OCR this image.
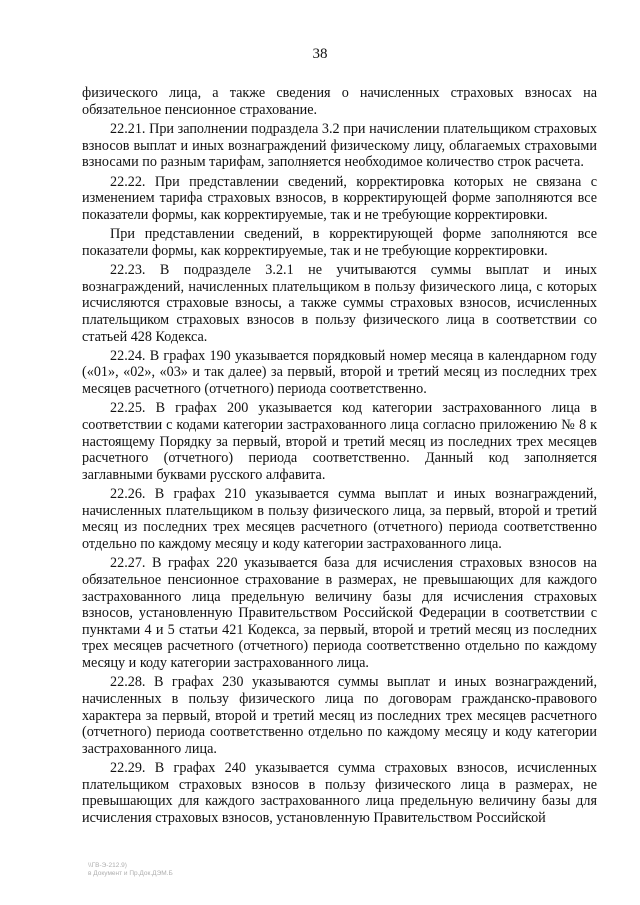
38

физического лица, а также сведения о начисленных страховых взносах на обязательное пенсионное страхование.

22.21. При заполнении подраздела 3.2 при начислении плательщиком страховых взносов выплат и иных вознаграждений физическому лицу, облагаемых страховыми взносами по разным тарифам, заполняется необходимое количество строк расчета.

22.22. При представлении сведений, корректировка которых не связана с изменением тарифа страховых взносов, в корректирующей форме заполняются все показатели формы, как корректируемые, так и не требующие корректировки.

При представлении сведений, в корректирующей форме заполняются все показатели формы, как корректируемые, так и не требующие корректировки.

22.23. В подразделе 3.2.1 не учитываются суммы выплат и иных вознаграждений, начисленных плательщиком в пользу физического лица, с которых исчисляются страховые взносы, а также суммы страховых взносов, исчисленных плательщиком страховых взносов в пользу физического лица в соответствии со статьей 428 Кодекса.

22.24. В графах 190 указывается порядковый номер месяца в календарном году («01», «02», «03» и так далее) за первый, второй и третий месяц из последних трех месяцев расчетного (отчетного) периода соответственно.

22.25. В графах 200 указывается код категории застрахованного лица в соответствии с кодами категории застрахованного лица согласно приложению № 8 к настоящему Порядку за первый, второй и третий месяц из последних трех месяцев расчетного (отчетного) периода соответственно. Данный код заполняется заглавными буквами русского алфавита.

22.26. В графах 210 указывается сумма выплат и иных вознаграждений, начисленных плательщиком в пользу физического лица, за первый, второй и третий месяц из последних трех месяцев расчетного (отчетного) периода соответственно отдельно по каждому месяцу и коду категории застрахованного лица.

22.27. В графах 220 указывается база для исчисления страховых взносов на обязательное пенсионное страхование в размерах, не превышающих для каждого застрахованного лица предельную величину базы для исчисления страховых взносов, установленную Правительством Российской Федерации в соответствии с пунктами 4 и 5 статьи 421 Кодекса, за первый, второй и третий месяц из последних трех месяцев расчетного (отчетного) периода соответственно отдельно по каждому месяцу и коду категории застрахованного лица.

22.28. В графах 230 указываются суммы выплат и иных вознаграждений, начисленных в пользу физического лица по договорам гражданско-правового характера за первый, второй и третий месяц из последних трех месяцев расчетного (отчетного) периода соответственно отдельно по каждому месяцу и коду категории застрахованного лица.

22.29. В графах 240 указывается сумма страховых взносов, исчисленных плательщиком страховых взносов в пользу физического лица в размерах, не превышающих для каждого застрахованного лица предельную величину базы для исчисления страховых взносов, установленную Правительством Российской

\\ГВ-Э-212.9)
в Документ и Пр.Док.ДЭМ.Б
